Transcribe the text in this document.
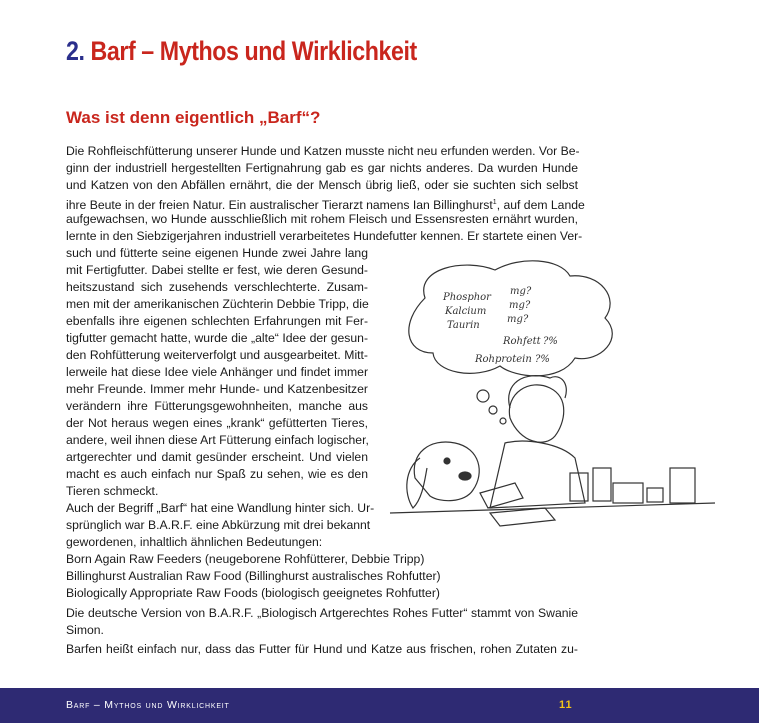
2. Barf – Mythos und Wirklichkeit
Was ist denn eigentlich „Barf“?
Die Rohfleischfütterung unserer Hunde und Katzen musste nicht neu erfunden werden. Vor Be-
ginn der industriell hergestellten Fertignahrung gab es gar nichts anderes. Da wurden Hunde
und Katzen von den Abfällen ernährt, die der Mensch übrig ließ, oder sie suchten sich selbst
ihre Beute in der freien Natur. Ein australischer Tierarzt namens Ian Billinghurst$^1$, auf dem Lande
aufgewachsen, wo Hunde ausschließlich mit rohem Fleisch und Essensresten ernährt wurden,
lernte in den Siebzigerjahren industriell verarbeitetes Hundefutter kennen. Er startete einen Ver-
such und fütterte seine eigenen Hunde zwei Jahre lang
mit Fertigfutter. Dabei stellte er fest, wie deren Gesund-
heitszustand sich zusehends verschlechterte. Zusam-
men mit der amerikanischen Züchterin Debbie Tripp, die
ebenfalls ihre eigenen schlechten Erfahrungen mit Fer-
tigfutter gemacht hatte, wurde die „alte“ Idee der gesun-
den Rohfütterung weiterverfolgt und ausgearbeitet. Mitt-
lerweile hat diese Idee viele Anhänger und findet immer
mehr Freunde. Immer mehr Hunde- und Katzenbesitzer
verändern ihre Fütterungsgewohnheiten, manche aus
der Not heraus wegen eines „krank“ gefütterten Tieres,
andere, weil ihnen diese Art Fütterung einfach logischer,
artgerechter und damit gesünder erscheint. Und vielen
macht es auch einfach nur Spaß zu sehen, wie es den
Tieren schmeckt.
Auch der Begriff „Barf“ hat eine Wandlung hinter sich. Ur-
sprünglich war B.A.R.F. eine Abkürzung mit drei bekannt
gewordenen, inhaltlich ähnlichen Bedeutungen:
Born Again Raw Feeders (neugeborene Rohfütterer, Debbie Tripp)
Billinghurst Australian Raw Food (Billinghurst australisches Rohfutter)
Biologically Appropriate Raw Foods (biologisch geeignetes Rohfutter)
Die deutsche Version von B.A.R.F. „Biologisch Artgerechtes Rohes Futter“ stammt von Swanie
Simon.
Barfen heißt einfach nur, dass das Futter für Hund und Katze aus frischen, rohen Zutaten zu-
Phosphor
Kalcium
Taurin
Rohfett
Rohprotein
mg?
mg?
mg?
?%
?%
Barf – Mythos und Wirklichkeit	11
